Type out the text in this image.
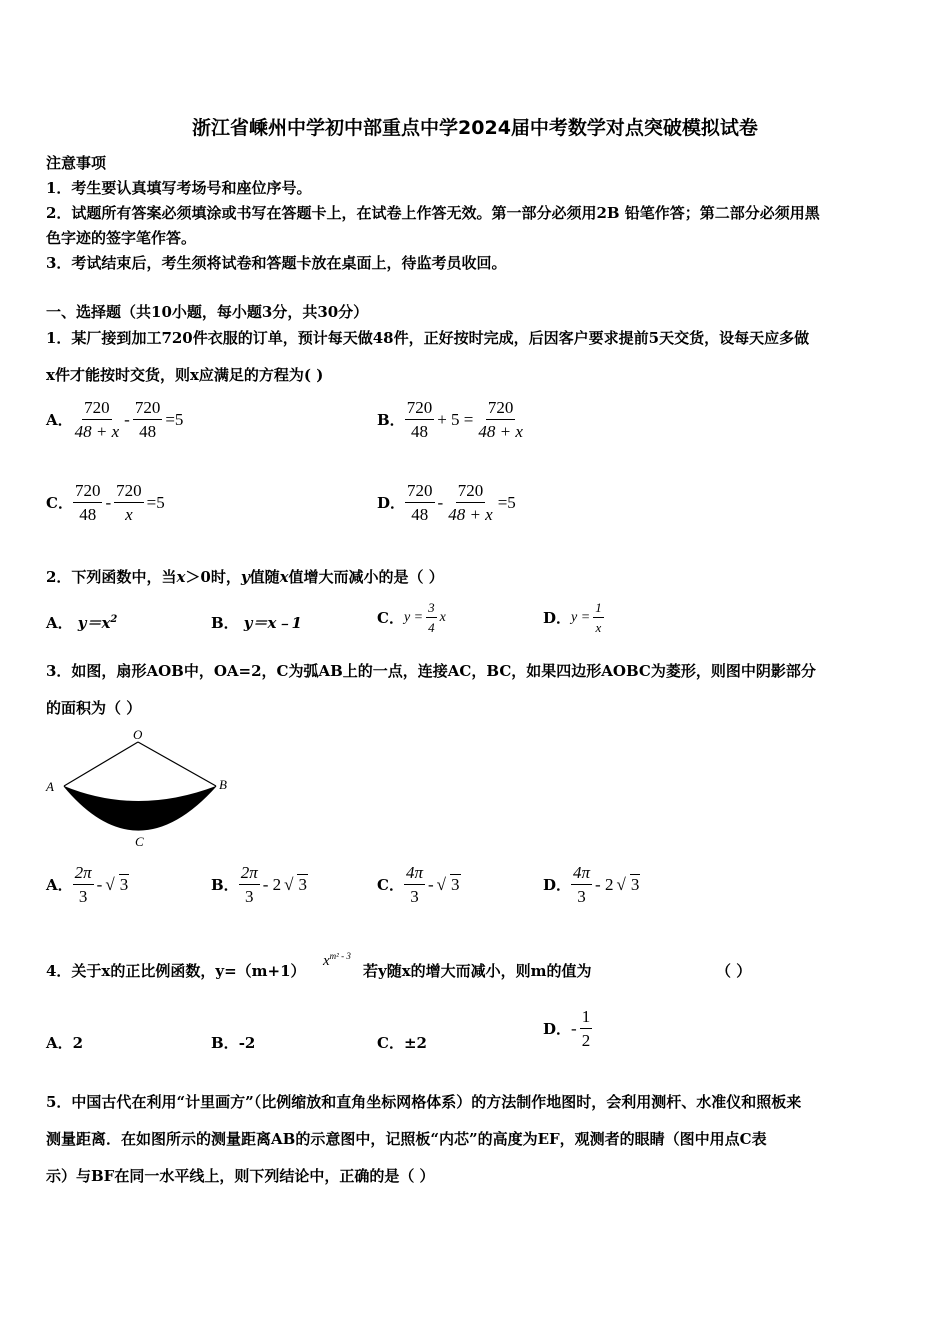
浙江省嵊州中学初中部重点中学2024届中考数学对点突破模拟试卷
注意事项
1．考生要认真填写考场号和座位序号。
2．试题所有答案必须填涂或书写在答题卡上，在试卷上作答无效。第一部分必须用2B 铅笔作答；第二部分必须用黑
色字迹的签字笔作答。
3．考试结束后，考生须将试卷和答题卡放在桌面上，待监考员收回。
一、选择题（共10小题，每小题3分，共30分）
1．某厂接到加工720件衣服的订单，预计每天做48件，正好按时完成，后因客户要求提前5天交货，设每天应多做
x件才能按时交货，则x应满足的方程为( )
A． $\frac{720}{48 + x} - \frac{720}{48} =5$	B． $\frac{720}{48} + 5 = \frac{720}{48 + x}$
C． $\frac{720}{48} - \frac{720}{x} =5$	D． $\frac{720}{48} - \frac{720}{48 + x} =5$
2．下列函数中，当x＞0时，y值随x值增大而减小的是（ ）
A． $y=x^2$	B． y＝x﹣1	C． $y = \frac{3}{4}$ x	D． $y = \frac{1}{x}$
3．如图，扇形AOB中，OA=2，C为弧AB上的一点，连接AC，BC，如果四边形AOBC为菱形，则图中阴影部分
的面积为（ ）
O
A	B
C
A． $\frac{2\pi}{3}$ - √ 3	B． $\frac{2\pi}{3} - 2$ √ 3	C． $\frac{4\pi}{3}$ - √ 3	D． $\frac{4\pi}{3} - 2$ √ 3
4．关于x的正比例函数，y=（m+1）
$x^{m^2 - 3}$
若y随x的增大而减小，则m的值为	（ ）
A．2	B．-2	C．±2
D． - $\frac{1}{2}$
5．中国古代在利用“计里画方”（比例缩放和直角坐标网格体系）的方法制作地图时，会利用测杆、水准仪和照板来
测量距离．在如图所示的测量距离AB的示意图中，记照板“内芯”的高度为EF，观测者的眼睛（图中用点C表
示）与BF在同一水平线上，则下列结论中，正确的是（ ）
